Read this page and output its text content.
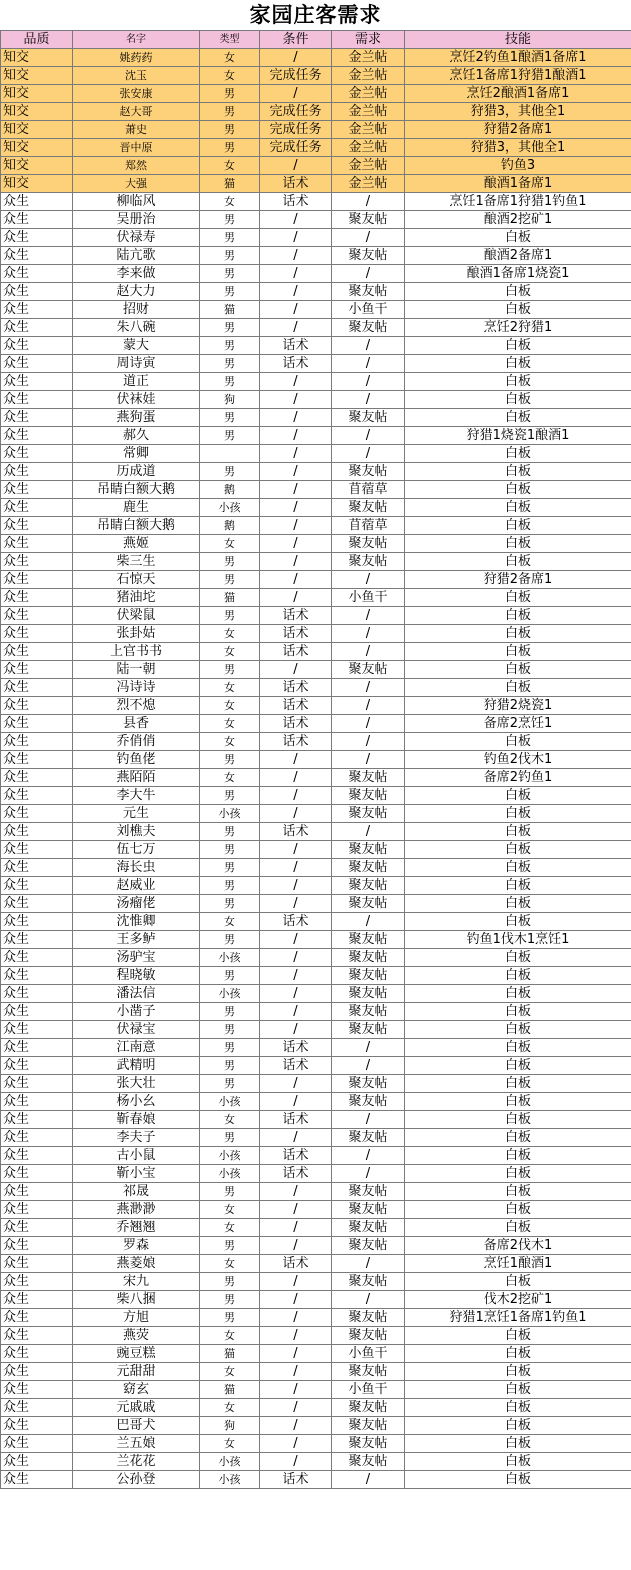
家园庄客需求
品质	名字	类型	条件	需求	技能
知交	姚药药	女	/	金兰帖	烹饪2钓鱼1酿酒1备席1
知交	沈玉	女	完成任务	金兰帖	烹饪1备席1狩猎1酿酒1
知交	张安康	男	/	金兰帖	烹饪2酿酒1备席1
知交	赵大哥	男	完成任务	金兰帖	狩猎3，其他全1
知交	萧史	男	完成任务	金兰帖	狩猎2备席1
知交	晋中原	男	完成任务	金兰帖	狩猎3，其他全1
知交	郑然	女	/	金兰帖	钓鱼3
知交	大强	猫	话术	金兰帖	酿酒1备席1
众生	柳临风	女	话术	/	烹饪1备席1狩猎1钓鱼1
众生	吴册治	男	/	聚友帖	酿酒2挖矿1
众生	伏禄寿	男	/	/	白板
众生	陆亢歌	男	/	聚友帖	酿酒2备席1
众生	李来做	男	/	/	酿酒1备席1烧瓷1
众生	赵大力	男	/	聚友帖	白板
众生	招财	猫	/	小鱼干	白板
众生	朱八碗	男	/	聚友帖	烹饪2狩猎1
众生	蒙大	男	话术	/	白板
众生	周诗寅	男	话术	/	白板
众生	道正	男	/	/	白板
众生	伏袜娃	狗	/	/	白板
众生	燕狗蛋	男	/	聚友帖	白板
众生	郝久	男	/	/	狩猎1烧瓷1酿酒1
众生	常卿		/	/	白板
众生	历成道	男	/	聚友帖	白板
众生	吊睛白额大鹅	鹅	/	苜蓿草	白板
众生	鹿生	小孩	/	聚友帖	白板
众生	吊睛白额大鹅	鹅	/	苜蓿草	白板
众生	燕姬	女	/	聚友帖	白板
众生	柴三生	男	/	聚友帖	白板
众生	石惊天	男	/	/	狩猎2备席1
众生	猪油坨	猫	/	小鱼干	白板
众生	伏梁鼠	男	话术	/	白板
众生	张卦姑	女	话术	/	白板
众生	上官书书	女	话术	/	白板
众生	陆一朝	男	/	聚友帖	白板
众生	冯诗诗	女	话术	/	白板
众生	烈不熄	女	话术	/	狩猎2烧瓷1
众生	县香	女	话术	/	备席2烹饪1
众生	乔俏俏	女	话术	/	白板
众生	钓鱼佬	男	/	/	钓鱼2伐木1
众生	燕陌陌	女	/	聚友帖	备席2钓鱼1
众生	李大牛	男	/	聚友帖	白板
众生	元生	小孩	/	聚友帖	白板
众生	刘樵夫	男	话术	/	白板
众生	伍七万	男	/	聚友帖	白板
众生	海长虫	男	/	聚友帖	白板
众生	赵威业	男	/	聚友帖	白板
众生	汤瘤佬	男	/	聚友帖	白板
众生	沈惟卿	女	话术	/	白板
众生	王多鲈	男	/	聚友帖	钓鱼1伐木1烹饪1
众生	汤驴宝	小孩	/	聚友帖	白板
众生	程晓敏	男	/	聚友帖	白板
众生	潘法信	小孩	/	聚友帖	白板
众生	小凿子	男	/	聚友帖	白板
众生	伏禄宝	男	/	聚友帖	白板
众生	江南意	男	话术	/	白板
众生	武精明	男	话术	/	白板
众生	张大壮	男	/	聚友帖	白板
众生	杨小幺	小孩	/	聚友帖	白板
众生	靳春娘	女	话术	/	白板
众生	李夫子	男	/	聚友帖	白板
众生	古小鼠	小孩	话术	/	白板
众生	靳小宝	小孩	话术	/	白板
众生	祁晟	男	/	聚友帖	白板
众生	燕渺渺	女	/	聚友帖	白板
众生	乔翘翘	女	/	聚友帖	白板
众生	罗森	男	/	聚友帖	备席2伐木1
众生	燕菱娘	女	话术	/	烹饪1酿酒1
众生	宋九	男	/	聚友帖	白板
众生	柴八捆	男	/	/	伐木2挖矿1
众生	方旭	男	/	聚友帖	狩猎1烹饪1备席1钓鱼1
众生	燕荧	女	/	聚友帖	白板
众生	豌豆糕	猫	/	小鱼干	白板
众生	元甜甜	女	/	聚友帖	白板
众生	窈玄	猫	/	小鱼干	白板
众生	元戚戚	女	/	聚友帖	白板
众生	巴哥犬	狗	/	聚友帖	白板
众生	兰五娘	女	/	聚友帖	白板
众生	兰花花	小孩	/	聚友帖	白板
众生	公孙登	小孩	话术	/	白板
